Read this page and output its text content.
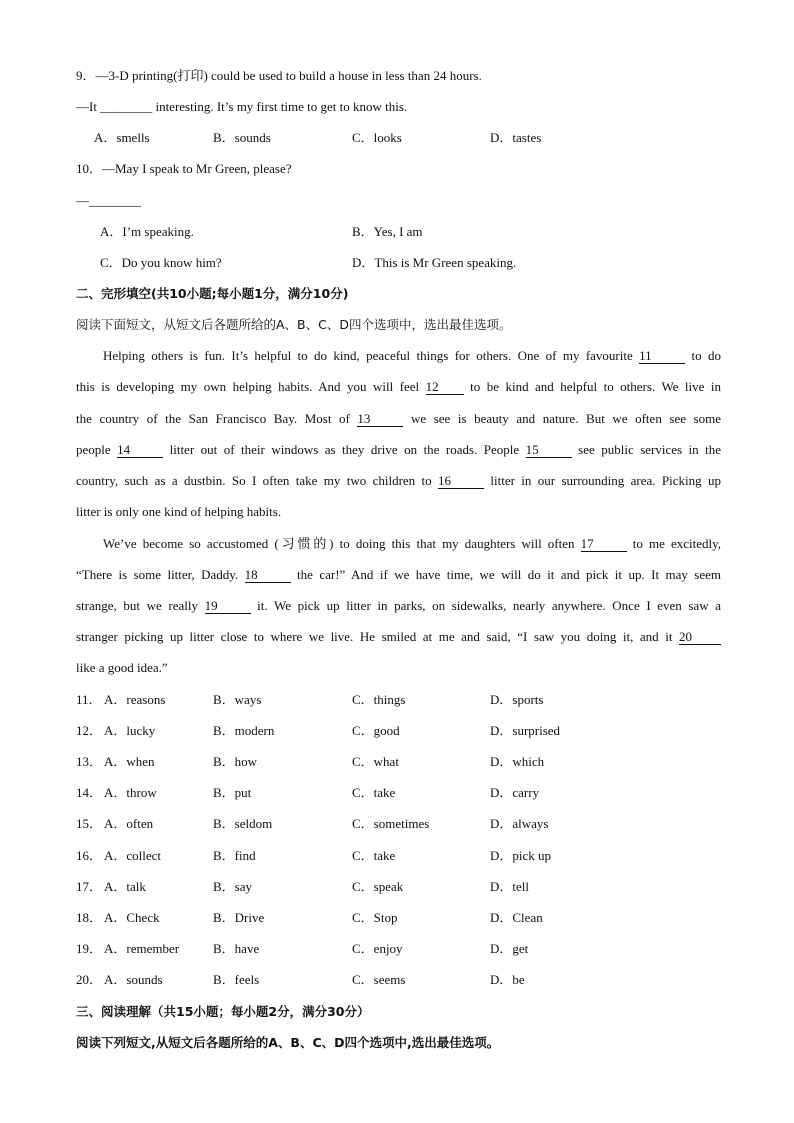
9．—3-D printing(打印) could be used to build a house in less than 24 hours.
—It ________ interesting. It’s my first time to get to know this.
A．smells	B．sounds	C．looks	D．tastes
10．—May I speak to Mr Green, please?
—________
A．I’m speaking.	B．Yes, I am
C．Do you know him?	D．This is Mr Green speaking.
二、完形填空(共10小题;每小题1分，满分10分)
阅读下面短文，从短文后各题所给的A、B、C、D四个选项中，选出最佳选项。
Helping others is fun. It’s helpful to do kind, peaceful things for others. One of my favourite 11	to do
this is developing my own helping habits. And you will feel 12 to be kind and helpful to others. We live in
the country of the San Francisco Bay. Most of 13	we see is beauty and nature. But we often see some
people 14	litter out of their windows as they drive on the roads. People 15	see public services in the
country, such as a dustbin. So I often take my two children to 16	litter in our surrounding area. Picking up
litter is only one kind of helping habits.
We’ve become so accustomed (习惯的) to doing this that my daughters will often 17	to me excitedly,
“There is some litter, Daddy. 18	the car!” And if we have time, we will do it and pick it up. It may seem
strange, but we really 19	it. We pick up litter in parks, on sidewalks, nearly anywhere. Once I even saw a
stranger picking up litter close to where we live. He smiled at me and said, “I saw you doing it, and it 20
like a good idea.”
11． A．reasons	B．ways	C．things	D．sports
12． A．lucky	B．modern	C．good	D．surprised
13． A．when	B．how	C．what	D．which
14． A．throw	B．put	C．take	D．carry
15． A．often	B．seldom	C．sometimes	D．always
16． A．collect	B．find	C．take	D．pick up
17． A．talk	B．say	C．speak	D．tell
18． A．Check	B．Drive	C．Stop	D．Clean
19． A．remember	B．have	C．enjoy	D．get
20． A．sounds	B．feels	C．seems	D．be
三、阅读理解（共15小题；每小题2分，满分30分）
阅读下列短文,从短文后各题所给的A、B、C、D四个选项中,选出最佳选项。
